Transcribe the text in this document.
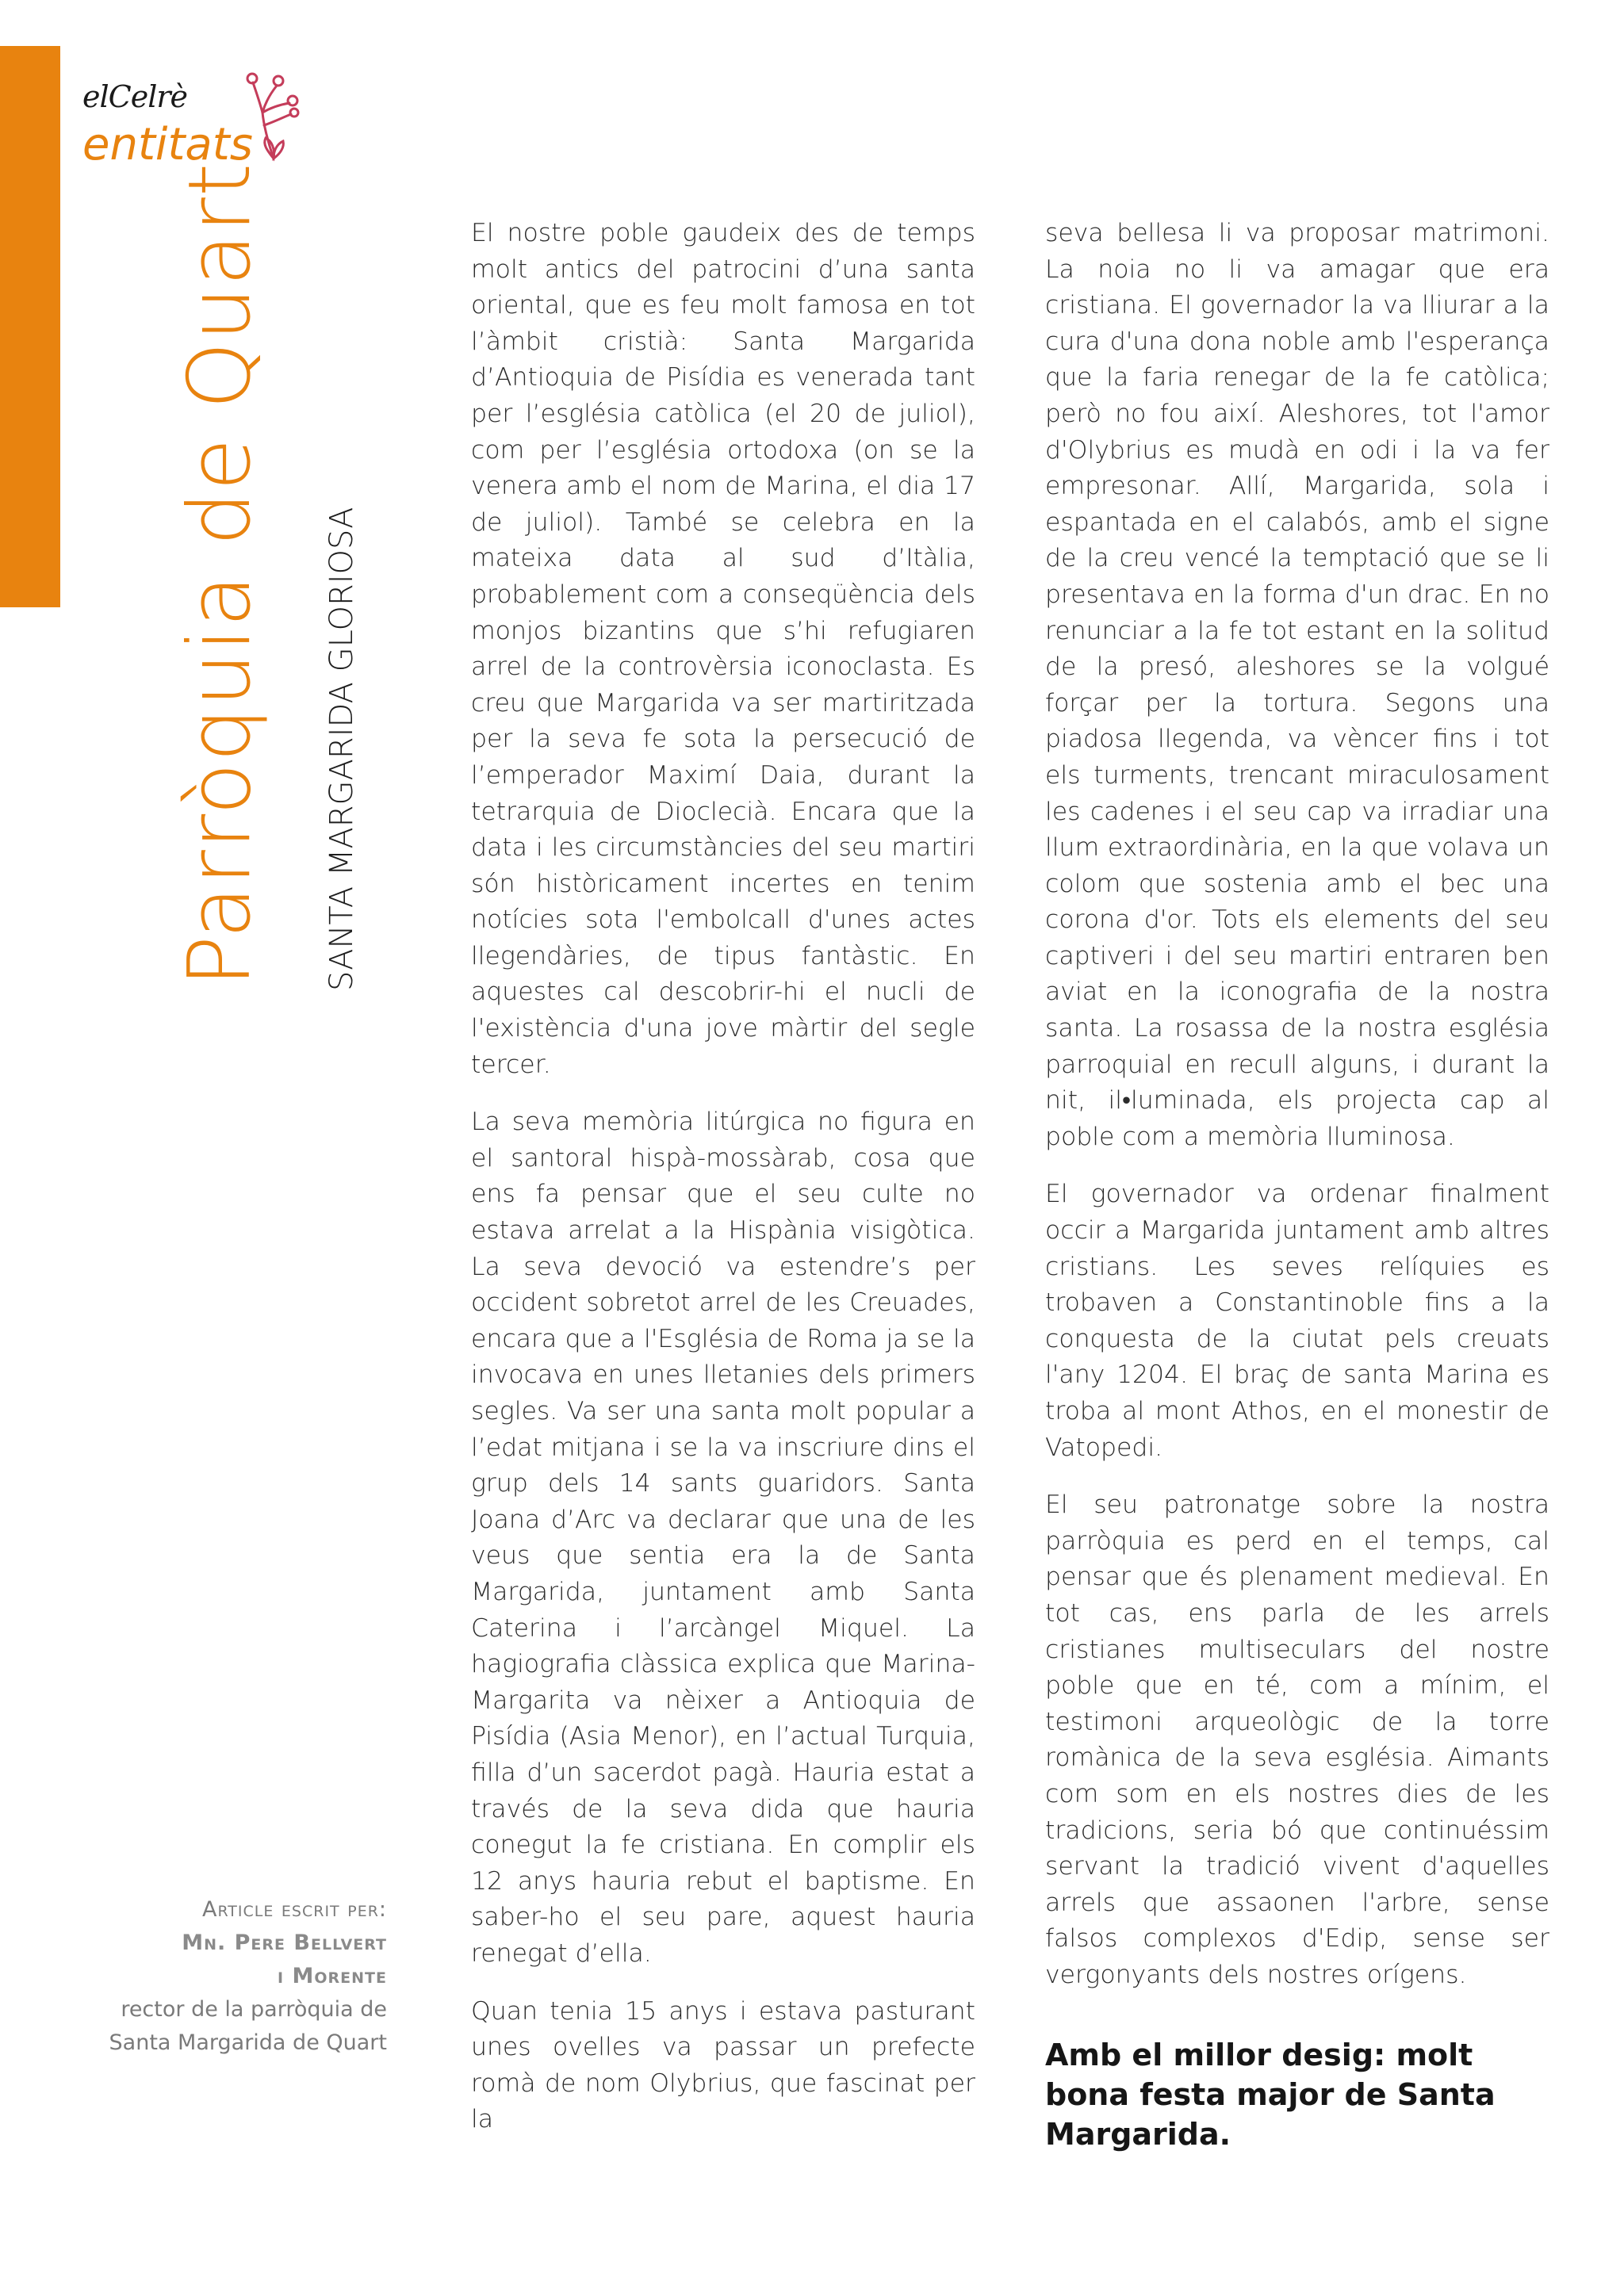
elCelrè
entitats
Parròquia de Quart SANTA MARGARIDA GLORIOSA
Article escrit per:
Mn. Pere Bellvert
i Morente
rector de la parròquia de
Santa Margarida de Quart

El nostre poble gaudeix des de temps molt antics del patrocini d’una santa oriental, que es feu molt famosa en tot l’àmbit cristià: Santa Margarida d’Antioquia de Pisídia es venerada tant per l’església catòlica (el 20 de juliol), com per l’església ortodoxa (on se la venera amb el nom de Marina, el dia 17 de juliol). També se celebra en la mateixa data al sud d’Itàlia, probablement com a conseqüència dels monjos bizantins que s’hi refugiaren arrel de la controvèrsia iconoclasta. Es creu que Margarida va ser martiritzada per la seva fe sota la persecució de l’emperador Maximí Daia, durant la tetrarquia de Dioclecià. Encara que la data i les circumstàncies del seu martiri són històricament incertes en tenim notícies sota l'embolcall d'unes actes llegendàries, de tipus fantàstic. En aquestes cal descobrir-hi el nucli de l'existència d'una jove màrtir del segle tercer.

La seva memòria litúrgica no figura en el santoral hispà-mossàrab, cosa que ens fa pensar que el seu culte no estava arrelat a la Hispània visigòtica. La seva devoció va estendre’s per occident sobretot arrel de les Creuades, encara que a l'Església de Roma ja se la invocava en unes lletanies dels primers segles. Va ser una santa molt popular a l’edat mitjana i se la va inscriure dins el grup dels 14 sants guaridors. Santa Joana d’Arc va declarar que una de les veus que sentia era la de Santa Margarida, juntament amb Santa Caterina i l’arcàngel Miquel. La hagiografia clàssica explica que Marina-Margarita va nèixer a Antioquia de Pisídia (Asia Menor), en l’actual Turquia, filla d’un sacerdot pagà. Hauria estat a través de la seva dida que hauria conegut la fe cristiana. En complir els 12 anys hauria rebut el baptisme. En saber-ho el seu pare, aquest hauria renegat d’ella.

Quan tenia 15 anys i estava pasturant unes ovelles va passar un prefecte romà de nom Olybrius, que fascinat per la

seva bellesa li va proposar matrimoni. La noia no li va amagar que era cristiana. El governador la va lliurar a la cura d'una dona noble amb l'esperança que la faria renegar de la fe catòlica; però no fou així. Aleshores, tot l'amor d'Olybrius es mudà en odi i la va fer empresonar. Allí, Margarida, sola i espantada en el calabós, amb el signe de la creu vencé la temptació que se li presentava en la forma d'un drac. En no renunciar a la fe tot estant en la solitud de la presó, aleshores se la volgué forçar per la tortura. Segons una piadosa llegenda, va vèncer fins i tot els turments, trencant miraculosament les cadenes i el seu cap va irradiar una llum extraordinària, en la que volava un colom que sostenia amb el bec una corona d'or. Tots els elements del seu captiveri i del seu martiri entraren ben aviat en la iconografia de la nostra santa. La rosassa de la nostra església parroquial en recull alguns, i durant la nit, il•luminada, els projecta cap al poble com a memòria lluminosa.

El governador va ordenar finalment occir a Margarida juntament amb altres cristians. Les seves relíquies es trobaven a Constantinoble fins a la conquesta de la ciutat pels creuats l'any 1204. El braç de santa Marina es troba al mont Athos, en el monestir de Vatopedi.

El seu patronatge sobre la nostra parròquia es perd en el temps, cal pensar que és plenament medieval. En tot cas, ens parla de les arrels cristianes multiseculars del nostre poble que en té, com a mínim, el testimoni arqueològic de la torre romànica de la seva església. Aimants com som en els nostres dies de les tradicions, seria bó que continuéssim servant la tradició vivent d'aquelles arrels que assaonen l'arbre, sense falsos complexos d'Edip, sense ser vergonyants dels nostres orígens.

Amb el millor desig: molt bona festa major de Santa Margarida.
